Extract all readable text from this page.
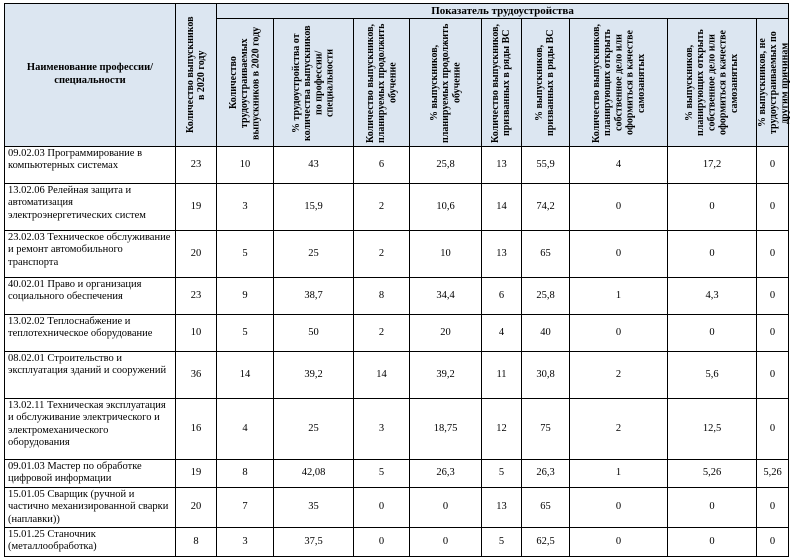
Наименование профессии/ специальности	Количество выпускников в 2020 году	Показатель трудоустройства								

		Количество трудоустраиваемых выпускников в 2020 году	% трудоустройства от количества выпускников по профессии/ специальности	Количество выпускников, планируемых продолжить обучение	% выпускников, планируемых продолжить обучение	Количество выпускников, призванных в ряды ВС	% выпускников, призванных в ряды ВС	Количество выпускников, планирующих открыть собственное дело или оформиться в качестве самозанятых	% выпускников, планирующих открыть собственное дело или оформиться в качестве самозанятых	% выпускников, не трудоустраиваемых по другим причинам

09.02.03 Программирование в компьютерных системах	23	10	43	6	25,8	13	55,9	4	17,2	0
13.02.06 Релейная защита и автоматизация электроэнергетических систем	19	3	15,9	2	10,6	14	74,2	0	0	0
23.02.03 Техническое обслуживание и ремонт автомобильного транспорта	20	5	25	2	10	13	65	0	0	0
40.02.01 Право и организация социального обеспечения	23	9	38,7	8	34,4	6	25,8	1	4,3	0
13.02.02 Теплоснабжение и теплотехническое оборудование	10	5	50	2	20	4	40	0	0	0
08.02.01 Строительство и эксплуатация зданий и сооружений	36	14	39,2	14	39,2	11	30,8	2	5,6	0
13.02.11 Техническая эксплуатация и обслуживание электрического и электромеханического оборудования	16	4	25	3	18,75	12	75	2	12,5	0
09.01.03 Мастер по обработке цифровой информации	19	8	42,08	5	26,3	5	26,3	1	5,26	5,26
15.01.05 Сварщик (ручной и частично механизированной сварки (наплавки))	20	7	35	0	0	13	65	0	0	0
15.01.25 Станочник (металлообработка)	8	3	37,5	0	0	5	62,5	0	0	0
